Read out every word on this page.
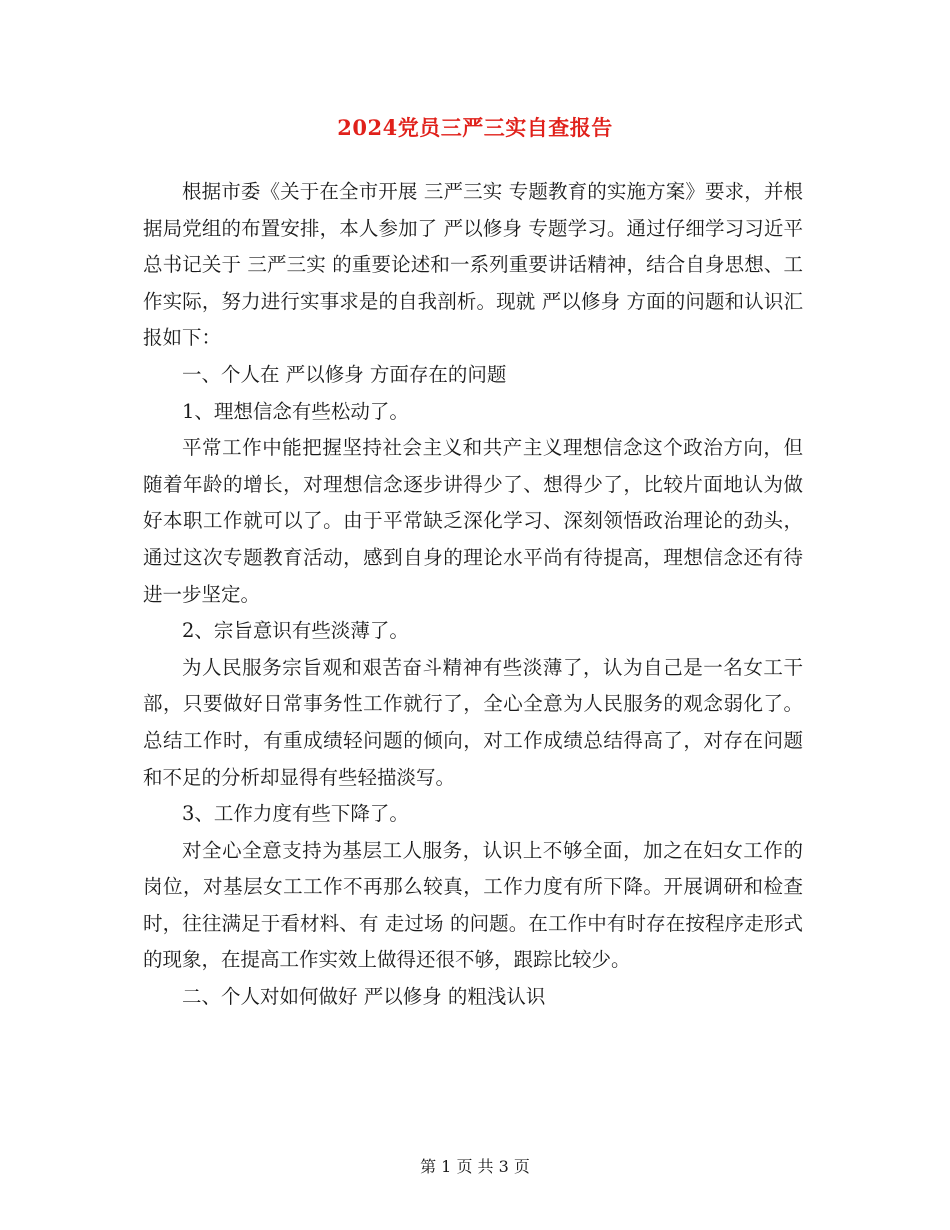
2024党员三严三实自查报告

根据市委《关于在全市开展 三严三实 专题教育的实施方案》要求，并根据局党组的布置安排，本人参加了 严以修身 专题学习。通过仔细学习习近平总书记关于 三严三实 的重要论述和一系列重要讲话精神，结合自身思想、工作实际，努力进行实事求是的自我剖析。现就 严以修身 方面的问题和认识汇报如下：

一、个人在 严以修身 方面存在的问题

1、理想信念有些松动了。

平常工作中能把握坚持社会主义和共产主义理想信念这个政治方向，但随着年龄的增长，对理想信念逐步讲得少了、想得少了，比较片面地认为做好本职工作就可以了。由于平常缺乏深化学习、深刻领悟政治理论的劲头，通过这次专题教育活动，感到自身的理论水平尚有待提高，理想信念还有待进一步坚定。

2、宗旨意识有些淡薄了。

为人民服务宗旨观和艰苦奋斗精神有些淡薄了，认为自己是一名女工干部，只要做好日常事务性工作就行了，全心全意为人民服务的观念弱化了。总结工作时，有重成绩轻问题的倾向，对工作成绩总结得高了，对存在问题和不足的分析却显得有些轻描淡写。

3、工作力度有些下降了。

对全心全意支持为基层工人服务，认识上不够全面，加之在妇女工作的岗位，对基层女工工作不再那么较真，工作力度有所下降。开展调研和检查时，往往满足于看材料、有 走过场 的问题。在工作中有时存在按程序走形式的现象，在提高工作实效上做得还很不够，跟踪比较少。

二、个人对如何做好 严以修身 的粗浅认识

第 1 页 共 3 页
